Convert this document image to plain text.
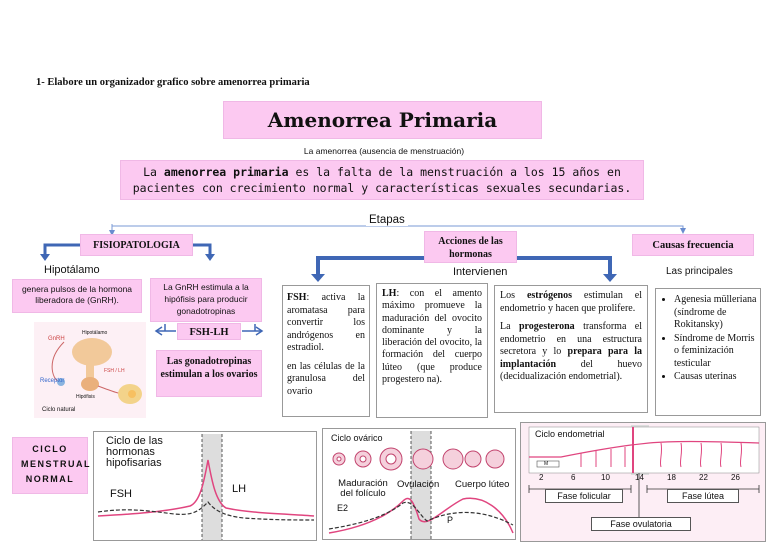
1- Elabore un organizador grafico sobre amenorrea primaria
Amenorrea Primaria
La amenorrea (ausencia de menstruación)
La amenorrea primaria es la falta de la menstruación a los 15 años en pacientes con crecimiento normal y características sexuales secundarias.
Etapas
FISIOPATOLOGIA	Acciones de las hormonas
Causas frecuencia
Hipotálamo	Intervienen	Las principales
genera pulsos de la hormona liberadora de (GnRH).
La GnRH estimula a la hipófisis para producir gonadotropinas
FSH-LH
Las gonadotropinas estimulan a los ovarios
GnRH
Hipotálamo
Receptor
FSH / LH
Hipófisis
Ciclo natural
FSH: activa la aromatasa para convertir los andrógenos en estradiol.
en las células de la granulosa del ovario
LH: con el amento máximo promueve la maduración del ovocito dominante y la liberación del ovocito, la formación del cuerpo lúteo (que produce progestero na).
Los estrógenos estimulan el endometrio y hacen que prolifere.
La progesterona transforma el endometrio en una estructura secretora y lo prepara para la implantación del huevo (decidualización endometrial).
• Agenesia mülleriana (síndrome de Rokitansky)
• Síndrome de Morris o feminización testicular
• Causas uterinas
CICLO MENSTRUAL NORMAL
Ciclo de las hormonas hipofisarias
FSH	LH
Ciclo ovárico
Maduración del folículo
Ovulación Cuerpo lúteo
E2
P
Ciclo endometrial
M
2	6	10	14	18	22	26
Fase folicular	Fase lútea
Fase ovulatoria
